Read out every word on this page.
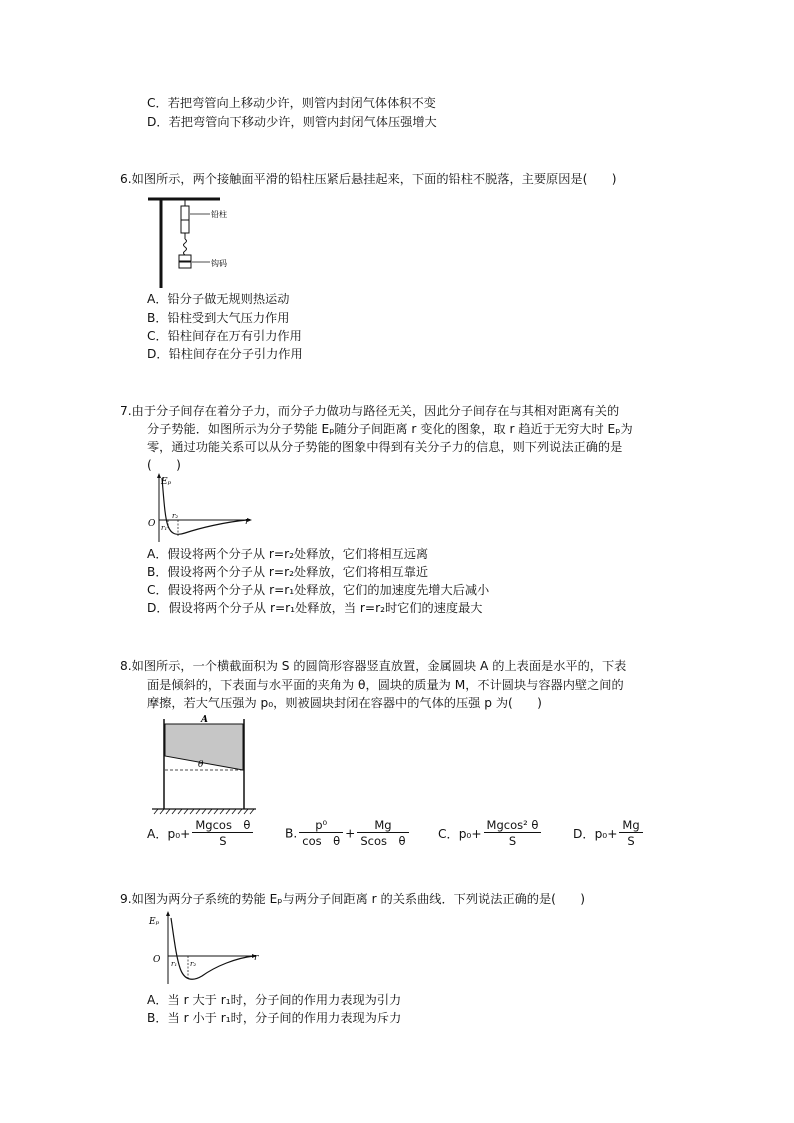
C．若把弯管向上移动少许，则管内封闭气体体积不变
D．若把弯管向下移动少许，则管内封闭气体压强增大
6.如图所示，两个接触面平滑的铅柱压紧后悬挂起来，下面的铅柱不脱落，主要原因是(　　)
铅柱
钩码
A．铅分子做无规则热运动
B．铅柱受到大气压力作用
C．铅柱间存在万有引力作用
D．铅柱间存在分子引力作用
7.由于分子间存在着分子力，而分子力做功与路径无关，因此分子间存在与其相对距离有关的
分子势能．如图所示为分子势能 Eₚ随分子间距离 r 变化的图象，取 r 趋近于无穷大时 Eₚ为
零，通过功能关系可以从分子势能的图象中得到有关分子力的信息，则下列说法正确的是
(　　)
Eₚ
O r₁
r₂
r
A．假设将两个分子从 r=r₂处释放，它们将相互远离
B．假设将两个分子从 r=r₂处释放，它们将相互靠近
C．假设将两个分子从 r=r₁处释放，它们的加速度先增大后减小
D．假设将两个分子从 r=r₁处释放，当 r=r₂时它们的速度最大
8.如图所示，一个横截面积为 S 的圆筒形容器竖直放置，金属圆块 A 的上表面是水平的，下表
面是倾斜的，下表面与水平面的夹角为 θ，圆块的质量为 M，不计圆块与容器内壁之间的
摩擦，若大气压强为 p₀，则被圆块封闭在容器中的气体的压强 p 为(　　)
A
θ
A．$p_0+ \frac{\text{Mgcos　θ}}{S}$	B. $\frac{\text{p⁰}}{\text{cos　θ}} + \frac{Mg}{\text{Scos　θ}}$ C．$p_0+ \frac{\text{Mgcos² θ}}{S}$	D．$p_0+ \frac{Mg}{S}$
9.如图为两分子系统的势能 Eₚ与两分子间距离 r 的关系曲线．下列说法正确的是(　　)
Eₚ
O r₁ r₂
r
A．当 r 大于 r₁时，分子间的作用力表现为引力
B．当 r 小于 r₁时，分子间的作用力表现为斥力
